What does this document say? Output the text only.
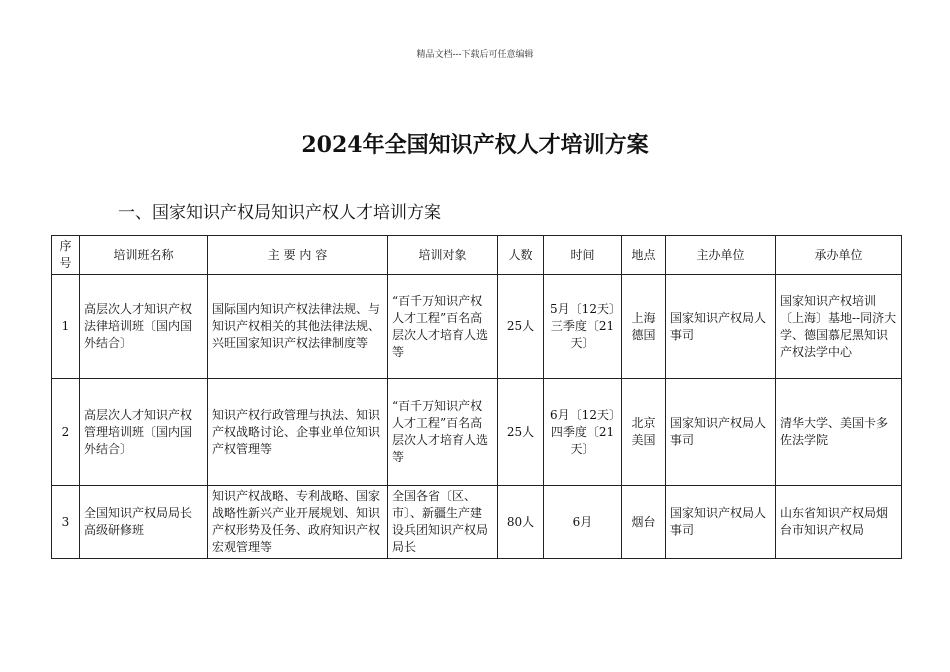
精品文档---下载后可任意编辑
2024年全国知识产权人才培训方案
一、国家知识产权局知识产权人才培训方案
序号	培训班名称	主 要 内 容	培训对象	人数	时间	地点	主办单位	承办单位
1	高层次人才知识产权法律培训班〔国内国外结合〕	国际国内知识产权法律法规、与知识产权相关的其他法律法规、兴旺国家知识产权法律制度等	“百千万知识产权人才工程”百名高层次人才培育人选等	25人	5月〔12天〕三季度〔21天〕	上海德国	国家知识产权局人事司	国家知识产权培训〔上海〕基地--同济大学、德国慕尼黑知识产权法学中心
2	高层次人才知识产权管理培训班〔国内国外结合〕	知识产权行政管理与执法、知识产权战略讨论、企事业单位知识产权管理等	“百千万知识产权人才工程”百名高层次人才培育人选等	25人	6月〔12天〕四季度〔21天〕	北京美国	国家知识产权局人事司	清华大学、美国卡多佐法学院
3	全国知识产权局局长高级研修班	知识产权战略、专利战略、国家战略性新兴产业开展规划、知识产权形势及任务、政府知识产权宏观管理等	全国各省〔区、市〕、新疆生产建设兵团知识产权局局长	80人	6月	烟台	国家知识产权局人事司	山东省知识产权局烟台市知识产权局
